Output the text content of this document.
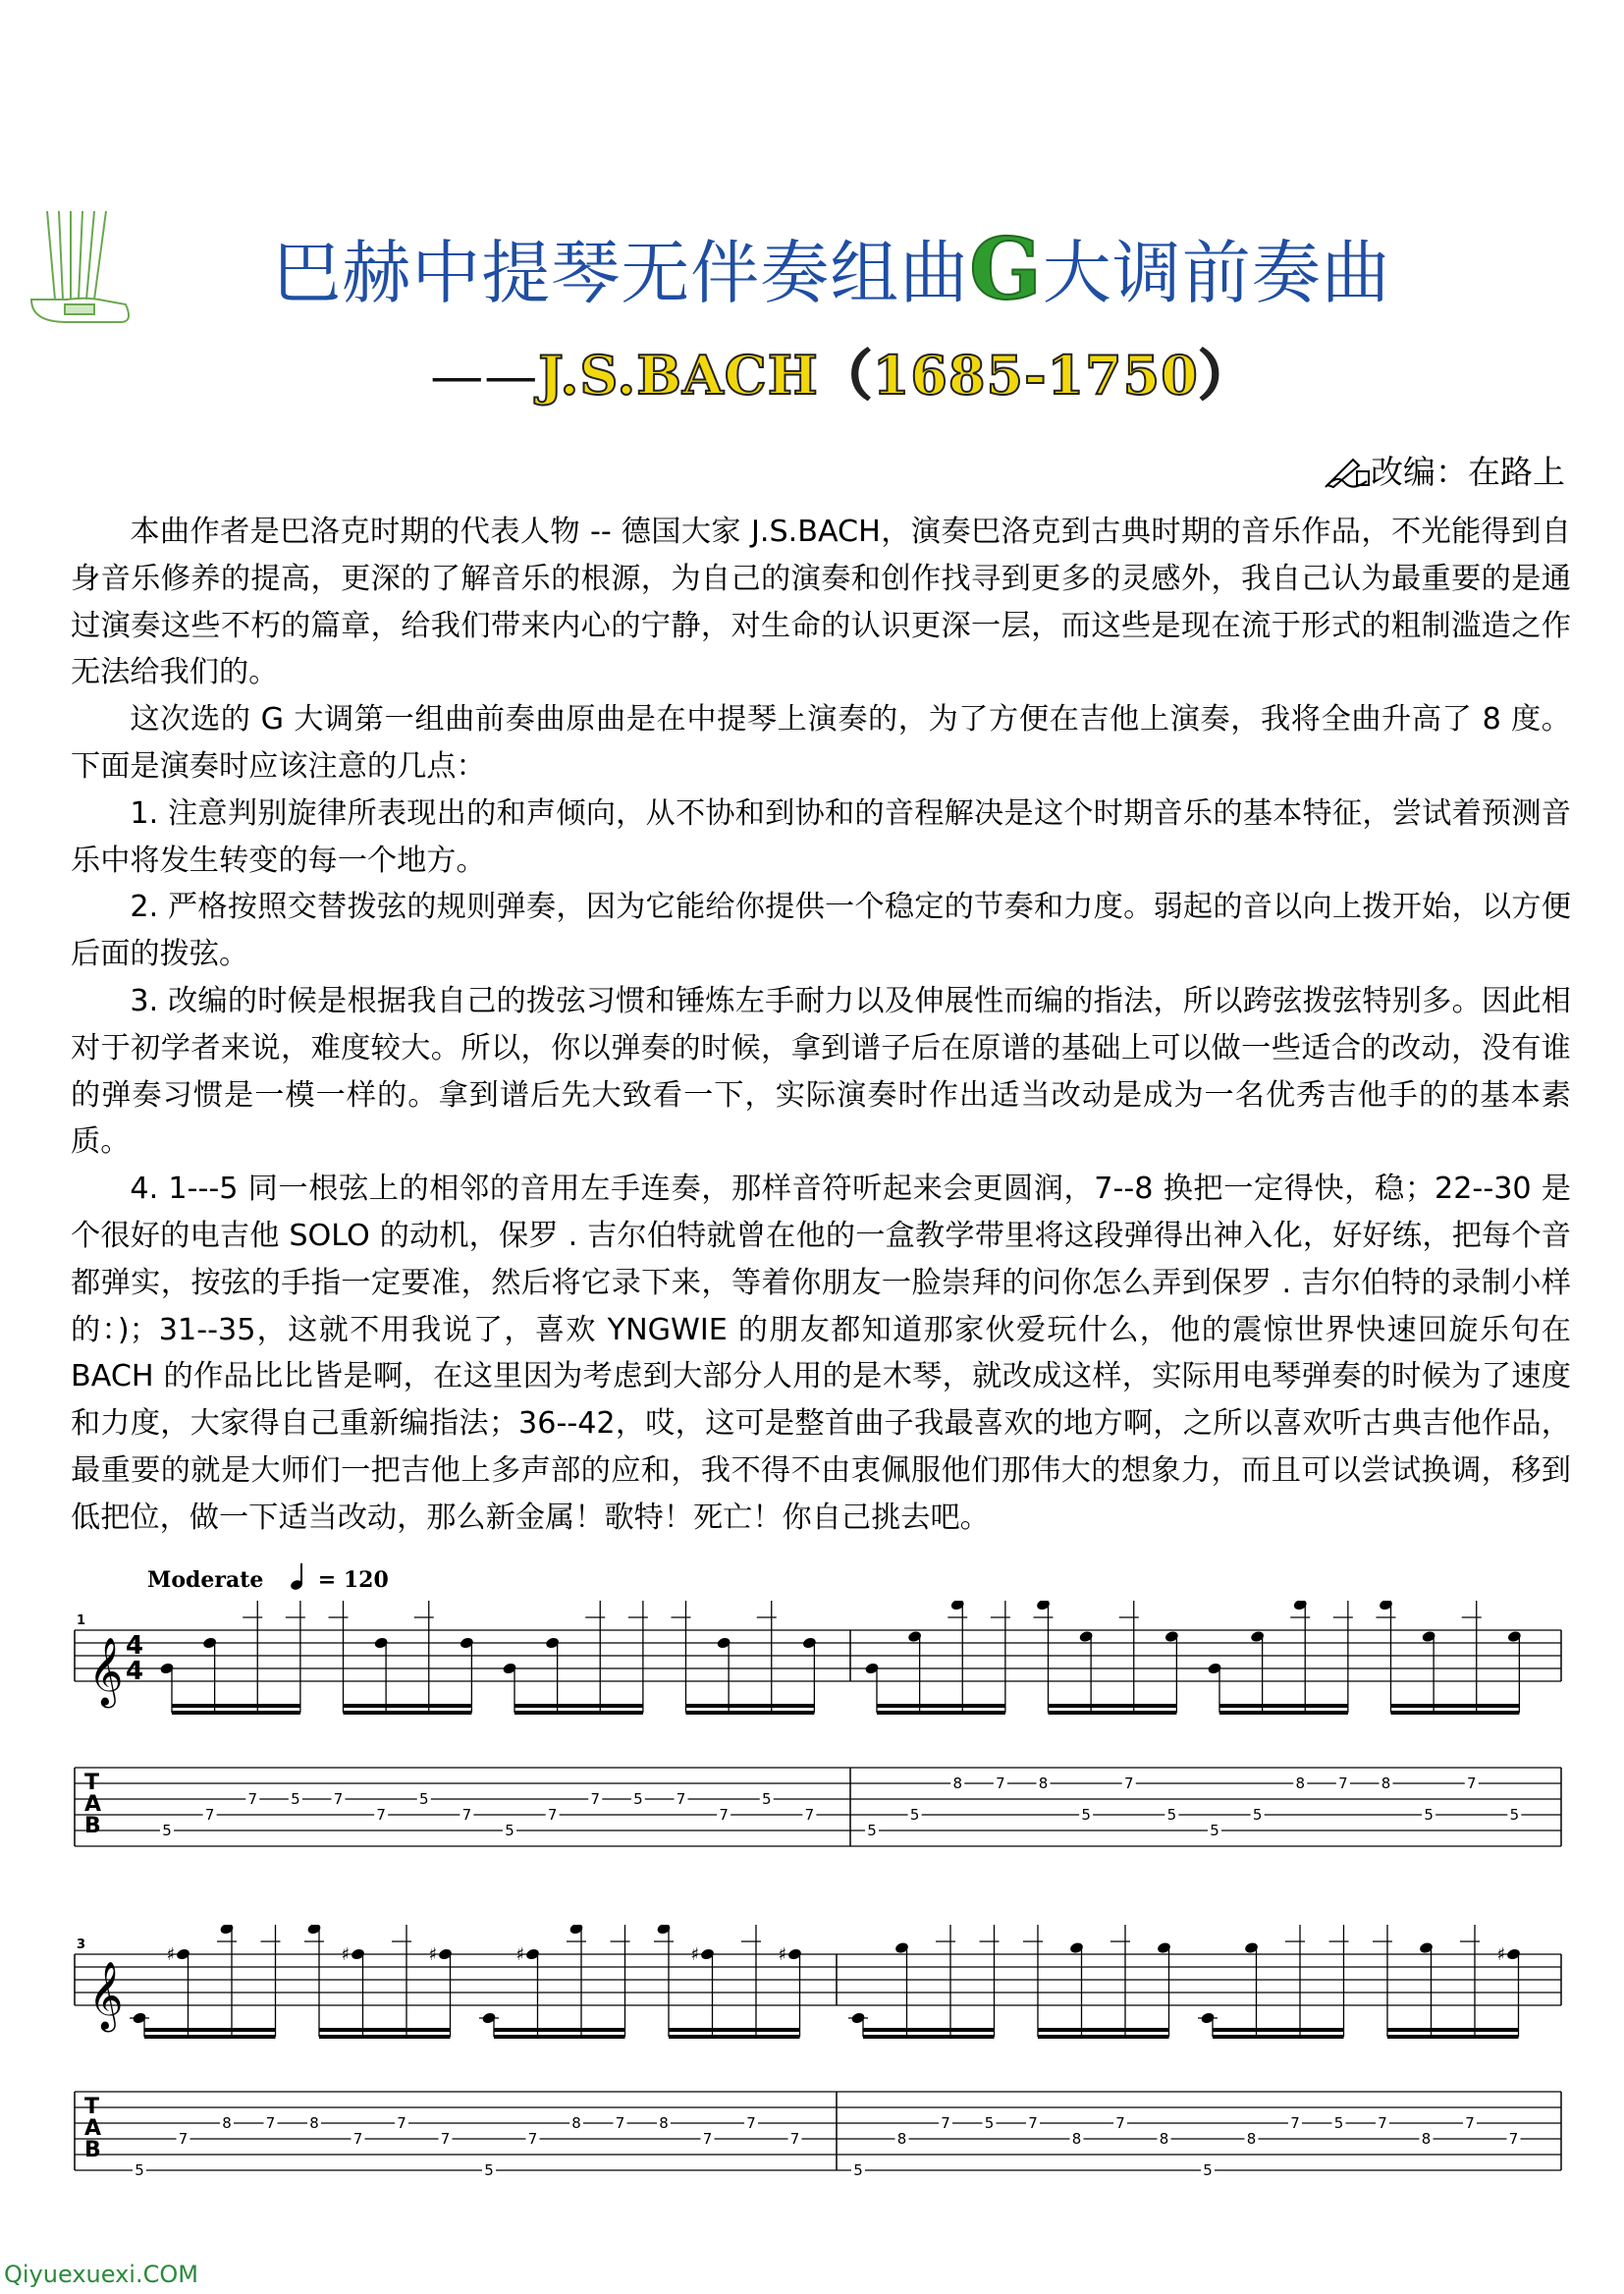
巴赫中提琴无伴奏组曲G大调前奏曲
——J.S.BACH（1685-1750）
改编：在路上

本曲作者是巴洛克时期的代表人物 -- 德国大家 J.S.BACH，演奏巴洛克到古典时期的音乐作品，不光能得到自身音乐修养的提高，更深的了解音乐的根源，为自己的演奏和创作找寻到更多的灵感外，我自己认为最重要的是通过演奏这些不朽的篇章，给我们带来内心的宁静，对生命的认识更深一层，而这些是现在流于形式的粗制滥造之作无法给我们的。

这次选的 G 大调第一组曲前奏曲原曲是在中提琴上演奏的，为了方便在吉他上演奏，我将全曲升高了 8 度。下面是演奏时应该注意的几点：

1. 注意判别旋律所表现出的和声倾向，从不协和到协和的音程解决是这个时期音乐的基本特征，尝试着预测音乐中将发生转变的每一个地方。

2. 严格按照交替拨弦的规则弹奏，因为它能给你提供一个稳定的节奏和力度。弱起的音以向上拨开始，以方便后面的拨弦。

3. 改编的时候是根据我自己的拨弦习惯和锤炼左手耐力以及伸展性而编的指法，所以跨弦拨弦特别多。因此相对于初学者来说，难度较大。所以，你以弹奏的时候，拿到谱子后在原谱的基础上可以做一些适合的改动，没有谁的弹奏习惯是一模一样的。拿到谱后先大致看一下，实际演奏时作出适当改动是成为一名优秀吉他手的的基本素质。

4. 1---5 同一根弦上的相邻的音用左手连奏，那样音符听起来会更圆润，7--8 换把一定得快，稳；22--30 是个很好的电吉他 SOLO 的动机，保罗 . 吉尔伯特就曾在他的一盒教学带里将这段弹得出神入化，好好练，把每个音都弹实，按弦的手指一定要准，然后将它录下来，等着你朋友一脸崇拜的问你怎么弄到保罗 . 吉尔伯特的录制小样的：)；31--35，这就不用我说了，喜欢 YNGWIE 的朋友都知道那家伙爱玩什么，他的震惊世界快速回旋乐句在 BACH 的作品比比皆是啊，在这里因为考虑到大部分人用的是木琴，就改成这样，实际用电琴弹奏的时候为了速度和力度，大家得自己重新编指法；36--42，哎，这可是整首曲子我最喜欢的地方啊，之所以喜欢听古典吉他作品，最重要的就是大师们一把吉他上多声部的应和，我不得不由衷佩服他们那伟大的想象力，而且可以尝试换调，移到低把位，做一下适当改动，那么新金属！歌特！死亡！你自己挑去吧。

Moderate	= 120
1
𝄞 4
4
T
A
B	5
7
7 5 7
7
5
7
5
7
7 5 7
7
5
7
5
5
8 7 8
5
7
5
5
5
8 7 8
5
7
5
3
𝄞
T
A
B
5
♯
7
8 7 8
♯
7
7
♯
7
5
♯
7
8 7 8
♯
7
7
♯
7
5
8
7 5 7
8
7
8
5
8
7 5 7
8
7
♯
7
Qiyuexuexi.COM
